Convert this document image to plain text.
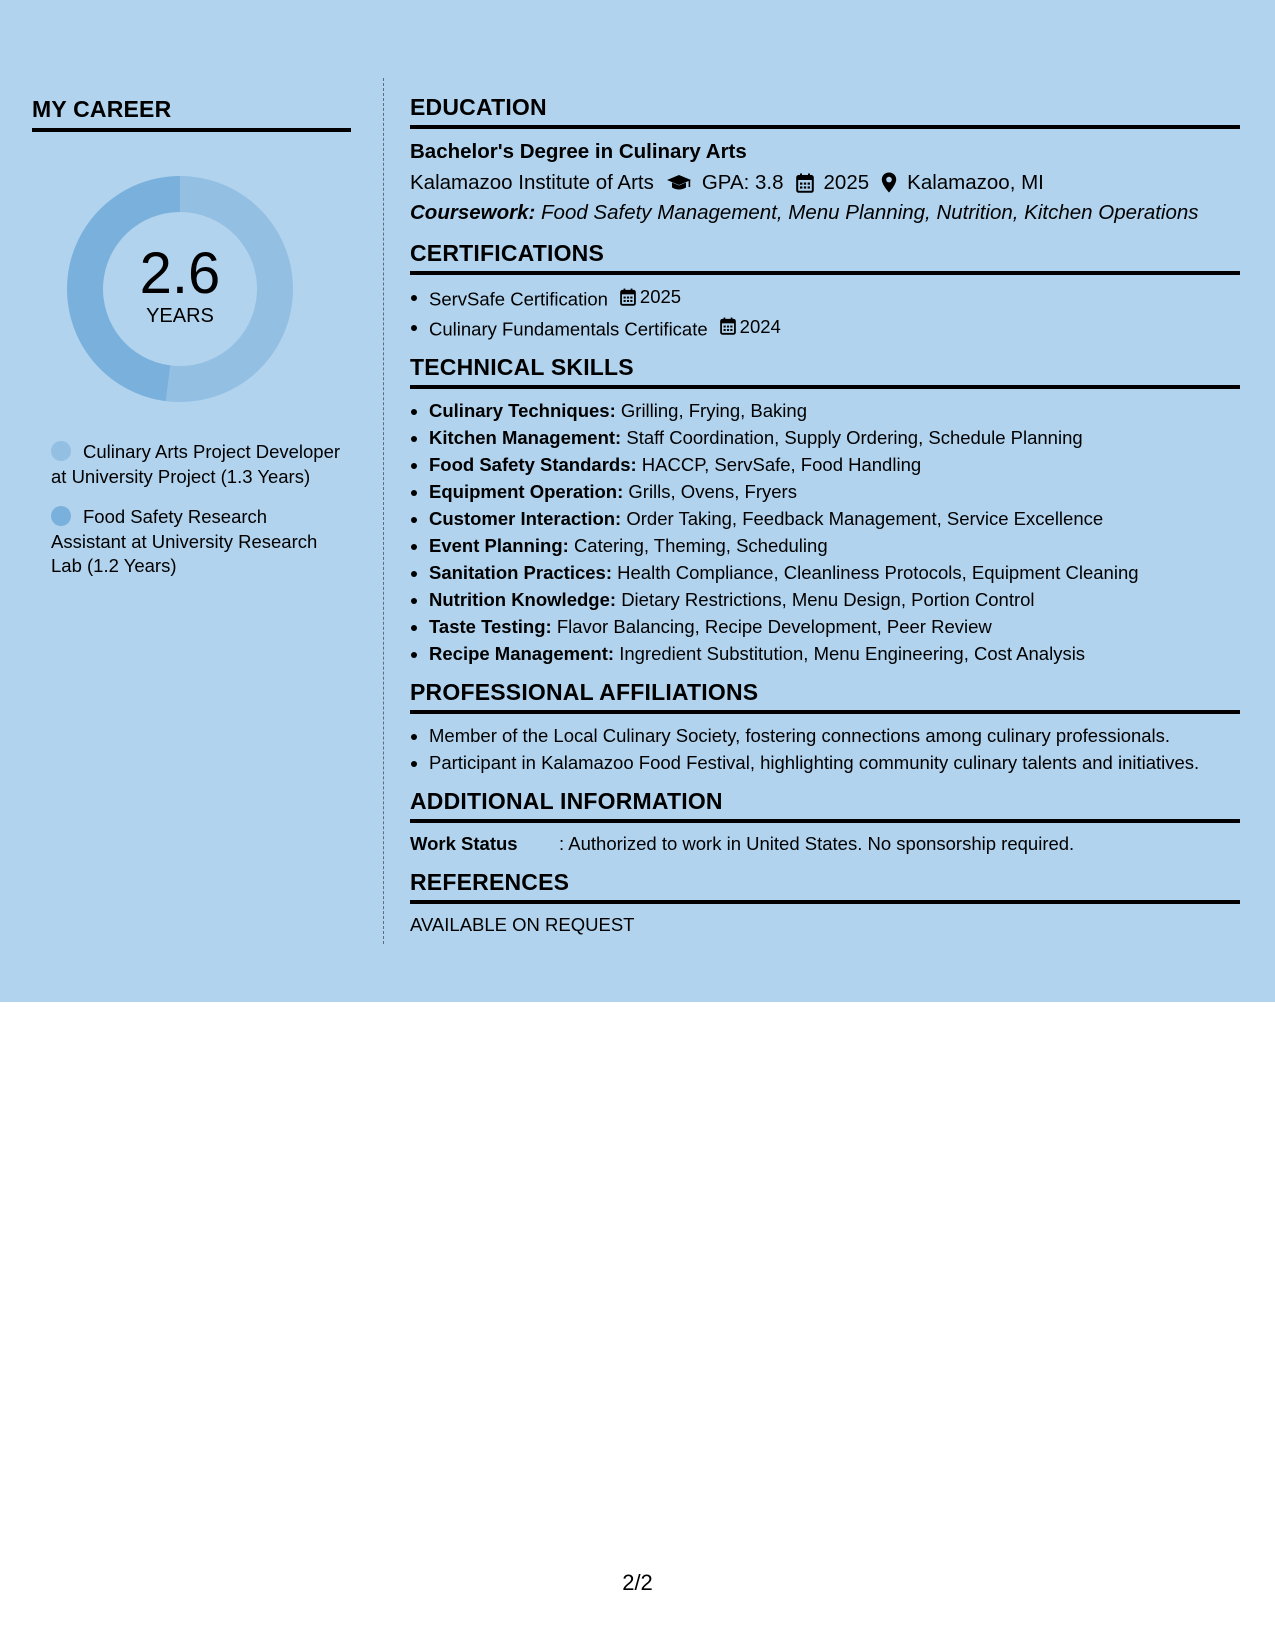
MY CAREER
2.6
YEARS
Culinary Arts Project Developer at University Project (1.3 Years)
Food Safety Research Assistant at University Research Lab (1.2 Years)
EDUCATION
Bachelor's Degree in Culinary Arts
Kalamazoo Institute of Arts GPA: 3.8 2025 Kalamazoo, MI
Coursework: Food Safety Management, Menu Planning, Nutrition, Kitchen Operations
CERTIFICATIONS
ServSafe Certification 2025
Culinary Fundamentals Certificate 2024
TECHNICAL SKILLS
Culinary Techniques: Grilling, Frying, Baking
Kitchen Management: Staff Coordination, Supply Ordering, Schedule Planning
Food Safety Standards: HACCP, ServSafe, Food Handling
Equipment Operation: Grills, Ovens, Fryers
Customer Interaction: Order Taking, Feedback Management, Service Excellence
Event Planning: Catering, Theming, Scheduling
Sanitation Practices: Health Compliance, Cleanliness Protocols, Equipment Cleaning
Nutrition Knowledge: Dietary Restrictions, Menu Design, Portion Control
Taste Testing: Flavor Balancing, Recipe Development, Peer Review
Recipe Management: Ingredient Substitution, Menu Engineering, Cost Analysis
PROFESSIONAL AFFILIATIONS
Member of the Local Culinary Society, fostering connections among culinary professionals.
Participant in Kalamazoo Food Festival, highlighting community culinary talents and initiatives.
ADDITIONAL INFORMATION
Work Status	: Authorized to work in United States. No sponsorship required.
REFERENCES
AVAILABLE ON REQUEST
2/2
